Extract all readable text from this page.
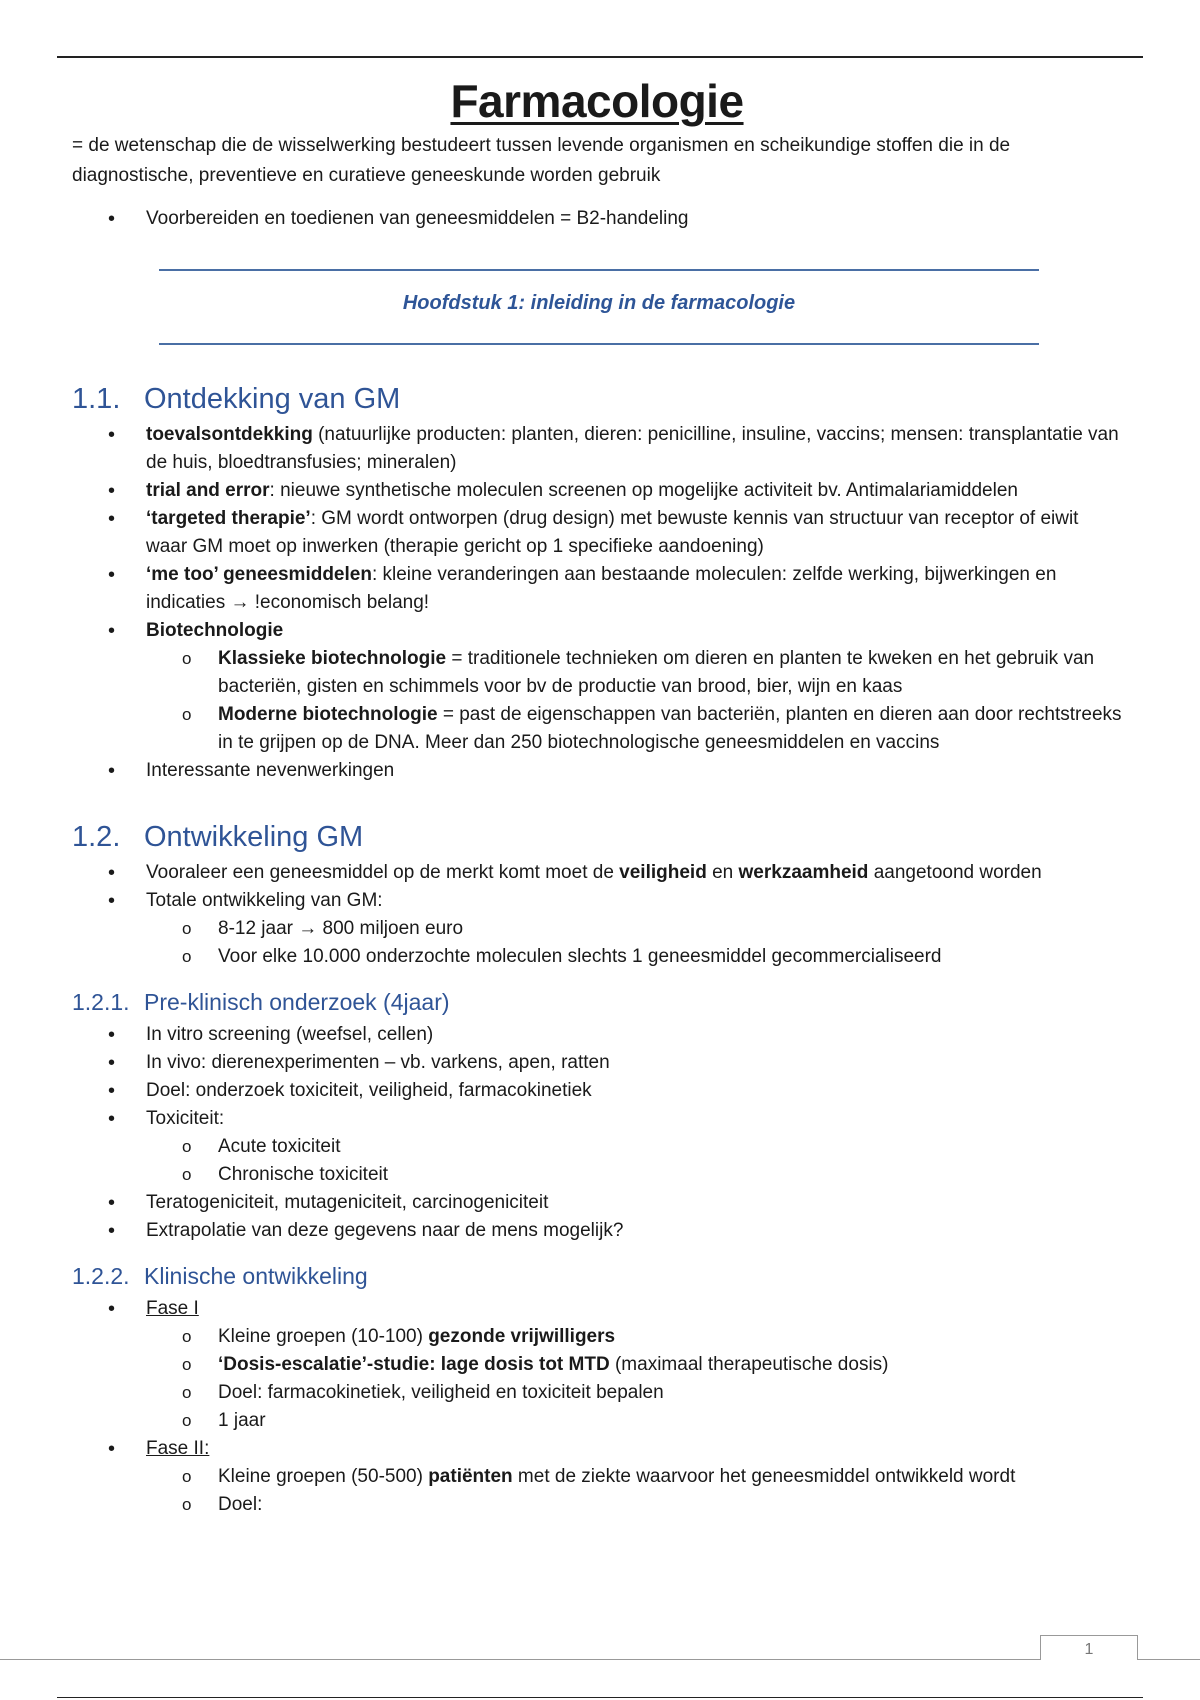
Farmacologie

= de wetenschap die de wisselwerking bestudeert tussen levende organismen en scheikundige stoffen die in de diagnostische, preventieve en curatieve geneeskunde worden gebruik

• Voorbereiden en toedienen van geneesmiddelen = B2-handeling
Hoofdstuk 1: inleiding in de farmacologie
1.1. Ontdekking van GM
• toevalsontdekking (natuurlijke producten: planten, dieren: penicilline, insuline, vaccins; mensen: transplantatie van de huis, bloedtransfusies; mineralen)
• trial and error: nieuwe synthetische moleculen screenen op mogelijke activiteit bv. Antimalariamiddelen
• ‘targeted therapie’: GM wordt ontworpen (drug design) met bewuste kennis van structuur van receptor of eiwit waar GM moet op inwerken (therapie gericht op 1 specifieke aandoening)
• ‘me too’ geneesmiddelen: kleine veranderingen aan bestaande moleculen: zelfde werking, bijwerkingen en indicaties → !economisch belang!
• Biotechnologie
o Klassieke biotechnologie = traditionele technieken om dieren en planten te kweken en het gebruik van bacteriën, gisten en schimmels voor bv de productie van brood, bier, wijn en kaas
o Moderne biotechnologie = past de eigenschappen van bacteriën, planten en dieren aan door rechtstreeks in te grijpen op de DNA. Meer dan 250 biotechnologische geneesmiddelen en vaccins
• Interessante nevenwerkingen
1.2. Ontwikkeling GM
• Vooraleer een geneesmiddel op de merkt komt moet de veiligheid en werkzaamheid aangetoond worden
• Totale ontwikkeling van GM:
o 8-12 jaar → 800 miljoen euro
o Voor elke 10.000 onderzochte moleculen slechts 1 geneesmiddel gecommercialiseerd
1.2.1. Pre-klinisch onderzoek (4jaar)
• In vitro screening (weefsel, cellen)
• In vivo: dierenexperimenten – vb. varkens, apen, ratten
• Doel: onderzoek toxiciteit, veiligheid, farmacokinetiek
• Toxiciteit:
o Acute toxiciteit
o Chronische toxiciteit
• Teratogeniciteit, mutageniciteit, carcinogeniciteit
• Extrapolatie van deze gegevens naar de mens mogelijk?
1.2.2. Klinische ontwikkeling
• Fase I
o Kleine groepen (10-100) gezonde vrijwilligers
o ‘Dosis-escalatie’-studie: lage dosis tot MTD (maximaal therapeutische dosis)
o Doel: farmacokinetiek, veiligheid en toxiciteit bepalen
o 1 jaar
• Fase II:
o Kleine groepen (50-500) patiënten met de ziekte waarvoor het geneesmiddel ontwikkeld wordt
o Doel:
1
